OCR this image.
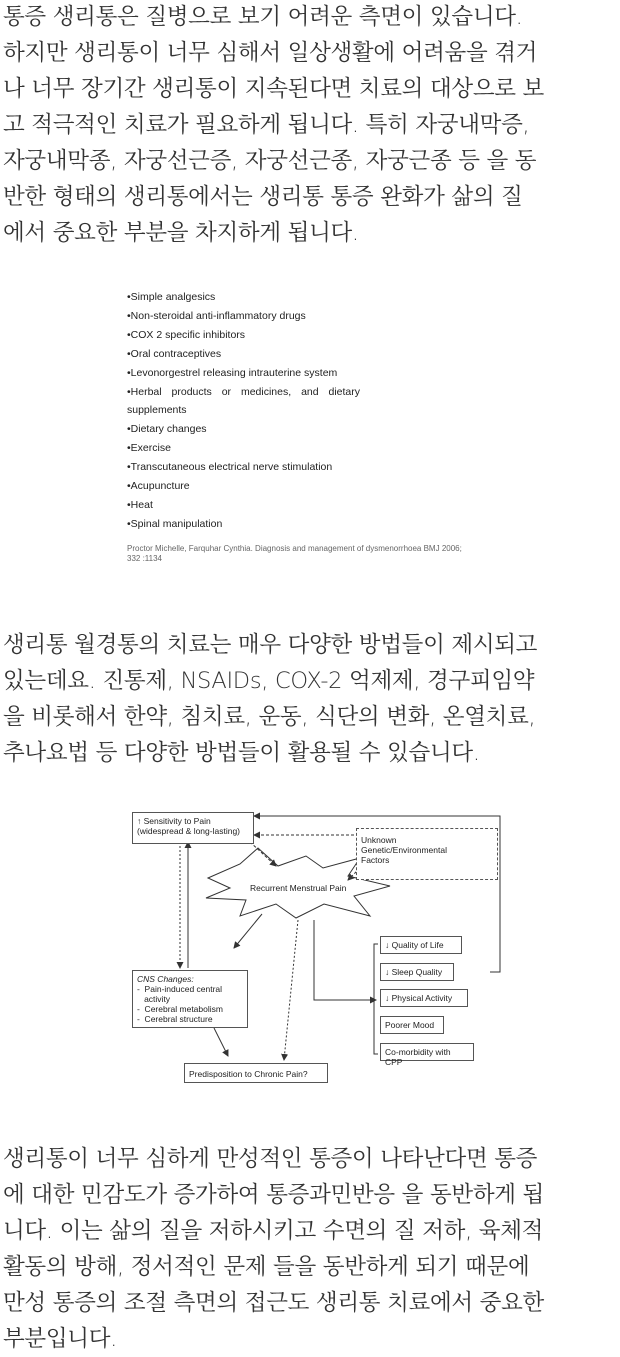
통증 생리통은 질병으로 보기 어려운 측면이 있습니다.
하지만 생리통이 너무 심해서 일상생활에 어려움을 겪거
나 너무 장기간 생리통이 지속된다면 치료의 대상으로 보
고 적극적인 치료가 필요하게 됩니다. 특히 자궁내막증,
자궁내막종, 자궁선근증, 자궁선근종, 자궁근종 등 을 동
반한 형태의 생리통에서는 생리통 통증 완화가 삶의 질
에서 중요한 부분을 차지하게 됩니다.
•Simple analgesics
•Non-steroidal anti-inflammatory drugs
•COX 2 specific inhibitors
•Oral contraceptives
•Levonorgestrel releasing intrauterine system
•Herbal products or medicines, and dietary
supplements
•Dietary changes
•Exercise
•Transcutaneous electrical nerve stimulation
•Acupuncture
•Heat
•Spinal manipulation
Proctor Michelle, Farquhar Cynthia. Diagnosis and management of dysmenorrhoea BMJ 2006;
332 :1134
생리통 월경통의 치료는 매우 다양한 방법들이 제시되고
있는데요. 진통제, NSAIDs, COX-2 억제제, 경구피임약
을 비롯해서 한약, 침치료, 운동, 식단의 변화, 온열치료,
추나요법 등 다양한 방법들이 활용될 수 있습니다.
↑ Sensitivity to Pain
(widespread & long-lasting)
Unknown
Genetic/Environmental
Factors
Recurrent Menstrual Pain
CNS Changes:
-  Pain-induced central
activity
-  Cerebral metabolism
-  Cerebral structure
↓ Quality of Life
↓ Sleep Quality
↓ Physical Activity
Poorer Mood
Co-morbidity with CPP
Predisposition to Chronic Pain?
생리통이 너무 심하게 만성적인 통증이 나타난다면 통증
에 대한 민감도가 증가하여 통증과민반응 을 동반하게 됩
니다. 이는 삶의 질을 저하시키고 수면의 질 저하, 육체적
활동의 방해, 정서적인 문제 들을 동반하게 되기 때문에
만성 통증의 조절 측면의 접근도 생리통 치료에서 중요한
부분입니다.
